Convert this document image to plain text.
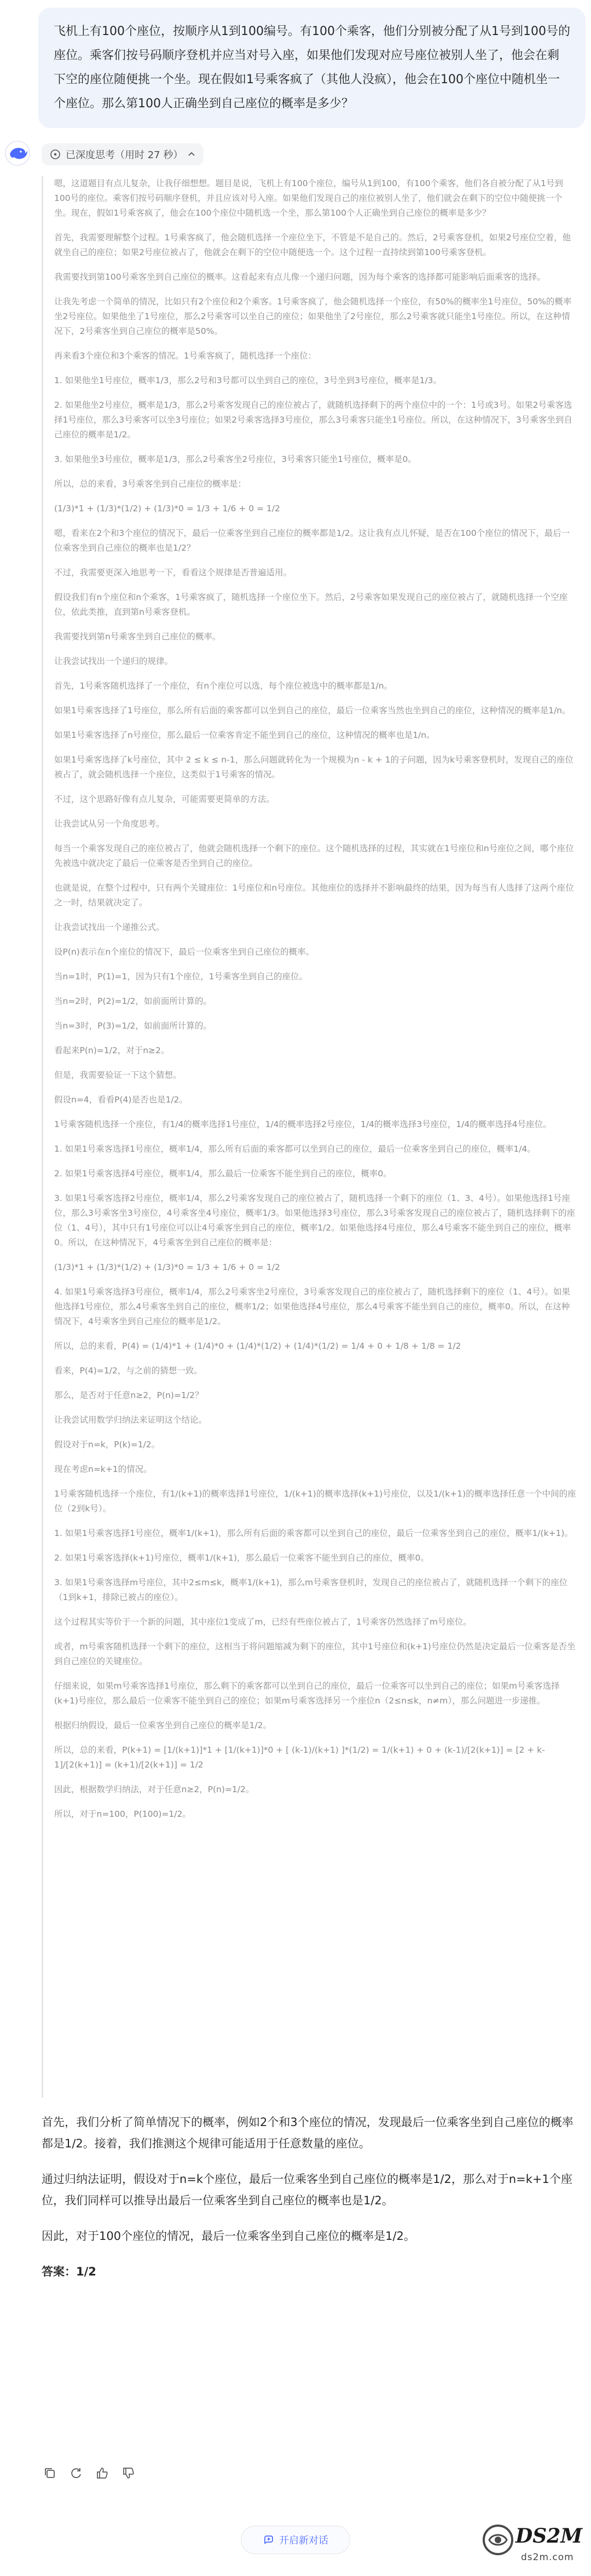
飞机上有100个座位，按顺序从1到100编号。有100个乘客，他们分别被分配了从1号到100号的座位。乘客们按号码顺序登机并应当对号入座，如果他们发现对应号座位被别人坐了，他会在剩下空的座位随便挑一个坐。现在假如1号乘客疯了（其他人没疯），他会在100个座位中随机坐一个座位。那么第100人正确坐到自己座位的概率是多少？
已深度思考（用时 27 秒）

嗯，这道题目有点儿复杂，让我仔细想想。题目是说，飞机上有100个座位，编号从1到100，有100个乘客，他们各自被分配了从1号到100号的座位。乘客们按号码顺序登机，并且应该对号入座。如果他们发现自己的座位被别人坐了，他们就会在剩下的空位中随便挑一个坐。现在，假如1号乘客疯了，他会在100个座位中随机选一个坐，那么第100个人正确坐到自己座位的概率是多少？

首先，我需要理解整个过程。1号乘客疯了，他会随机选择一个座位坐下，不管是不是自己的。然后，2号乘客登机，如果2号座位空着，他就坐自己的座位；如果2号座位被占了，他就会在剩下的空位中随便选一个。这个过程一直持续到第100号乘客登机。

我需要找到第100号乘客坐到自己座位的概率。这看起来有点儿像一个递归问题，因为每个乘客的选择都可能影响后面乘客的选择。

让我先考虑一个简单的情况，比如只有2个座位和2个乘客。1号乘客疯了，他会随机选择一个座位，有50%的概率坐1号座位，50%的概率坐2号座位。如果他坐了1号座位，那么2号乘客可以坐自己的座位；如果他坐了2号座位，那么2号乘客就只能坐1号座位。所以，在这种情况下，2号乘客坐到自己座位的概率是50%。

再来看3个座位和3个乘客的情况。1号乘客疯了，随机选择一个座位：

1. 如果他坐1号座位，概率1/3，那么2号和3号都可以坐到自己的座位，3号坐到3号座位，概率是1/3。

2. 如果他坐2号座位，概率是1/3，那么2号乘客发现自己的座位被占了，就随机选择剩下的两个座位中的一个：1号或3号。如果2号乘客选择1号座位，那么3号乘客可以坐3号座位；如果2号乘客选择3号座位，那么3号乘客只能坐1号座位。所以，在这种情况下，3号乘客坐到自己座位的概率是1/2。

3. 如果他坐3号座位，概率是1/3，那么2号乘客坐2号座位，3号乘客只能坐1号座位，概率是0。

所以，总的来看，3号乘客坐到自己座位的概率是：

(1/3)*1 + (1/3)*(1/2) + (1/3)*0 = 1/3 + 1/6 + 0 = 1/2

嗯，看来在2个和3个座位的情况下，最后一位乘客坐到自己座位的概率都是1/2。这让我有点儿怀疑，是否在100个座位的情况下，最后一位乘客坐到自己座位的概率也是1/2？

不过，我需要更深入地思考一下，看看这个规律是否普遍适用。

假设我们有n个座位和n个乘客，1号乘客疯了，随机选择一个座位坐下。然后，2号乘客如果发现自己的座位被占了，就随机选择一个空座位，依此类推，直到第n号乘客登机。

我需要找到第n号乘客坐到自己座位的概率。

让我尝试找出一个递归的规律。

首先，1号乘客随机选择了一个座位，有n个座位可以选，每个座位被选中的概率都是1/n。

如果1号乘客选择了1号座位，那么所有后面的乘客都可以坐到自己的座位，最后一位乘客当然也坐到自己的座位，这种情况的概率是1/n。

如果1号乘客选择了n号座位，那么最后一位乘客肯定不能坐到自己的座位，这种情况的概率也是1/n。

如果1号乘客选择了k号座位，其中 2 ≤ k ≤ n-1，那么问题就转化为一个规模为n - k + 1的子问题，因为k号乘客登机时，发现自己的座位被占了，就会随机选择一个座位，这类似于1号乘客的情况。

不过，这个思路好像有点儿复杂，可能需要更简单的方法。

让我尝试从另一个角度思考。

每当一个乘客发现自己的座位被占了，他就会随机选择一个剩下的座位。这个随机选择的过程，其实就在1号座位和n号座位之间，哪个座位先被选中就决定了最后一位乘客是否坐到自己的座位。

也就是说，在整个过程中，只有两个关键座位：1号座位和n号座位。其他座位的选择并不影响最终的结果，因为每当有人选择了这两个座位之一时，结果就决定了。

让我尝试找出一个递推公式。

设P(n)表示在n个座位的情况下，最后一位乘客坐到自己座位的概率。

当n=1时，P(1)=1，因为只有1个座位，1号乘客坐到自己的座位。

当n=2时，P(2)=1/2，如前面所计算的。

当n=3时，P(3)=1/2，如前面所计算的。

看起来P(n)=1/2，对于n≥2。

但是，我需要验证一下这个猜想。

假设n=4，看看P(4)是否也是1/2。

1号乘客随机选择一个座位，有1/4的概率选择1号座位，1/4的概率选择2号座位，1/4的概率选择3号座位，1/4的概率选择4号座位。

1. 如果1号乘客选择1号座位，概率1/4，那么所有后面的乘客都可以坐到自己的座位，最后一位乘客坐到自己的座位，概率1/4。

2. 如果1号乘客选择4号座位，概率1/4，那么最后一位乘客不能坐到自己的座位，概率0。

3. 如果1号乘客选择2号座位，概率1/4，那么2号乘客发现自己的座位被占了，随机选择一个剩下的座位（1、3、4号）。如果他选择1号座位，那么3号乘客坐3号座位，4号乘客坐4号座位，概率1/3。如果他选择3号座位，那么3号乘客发现自己的座位被占了，随机选择剩下的座位（1、4号），其中只有1号座位可以让4号乘客坐到自己的座位，概率1/2。如果他选择4号座位，那么4号乘客不能坐到自己的座位，概率0。所以，在这种情况下，4号乘客坐到自己座位的概率是：

(1/3)*1 + (1/3)*(1/2) + (1/3)*0 = 1/3 + 1/6 + 0 = 1/2

4. 如果1号乘客选择3号座位，概率1/4，那么2号乘客坐2号座位，3号乘客发现自己的座位被占了，随机选择剩下的座位（1、4号）。如果他选择1号座位，那么4号乘客坐到自己的座位，概率1/2；如果他选择4号座位，那么4号乘客不能坐到自己的座位，概率0。所以，在这种情况下，4号乘客坐到自己座位的概率是1/2。

所以，总的来看，P(4) = (1/4)*1 + (1/4)*0 + (1/4)*(1/2) + (1/4)*(1/2) = 1/4 + 0 + 1/8 + 1/8 = 1/2

看来，P(4)=1/2，与之前的猜想一致。

那么，是否对于任意n≥2，P(n)=1/2？

让我尝试用数学归纳法来证明这个结论。

假设对于n=k，P(k)=1/2。

现在考虑n=k+1的情况。

1号乘客随机选择一个座位，有1/(k+1)的概率选择1号座位，1/(k+1)的概率选择(k+1)号座位，以及1/(k+1)的概率选择任意一个中间的座位（2到k号）。

1. 如果1号乘客选择1号座位，概率1/(k+1)，那么所有后面的乘客都可以坐到自己的座位，最后一位乘客坐到自己的座位，概率1/(k+1)。

2. 如果1号乘客选择(k+1)号座位，概率1/(k+1)，那么最后一位乘客不能坐到自己的座位，概率0。

3. 如果1号乘客选择m号座位，其中2≤m≤k，概率1/(k+1)，那么m号乘客登机时，发现自己的座位被占了，就随机选择一个剩下的座位（1到k+1，排除已被占的座位）。

这个过程其实等价于一个新的问题，其中座位1变成了m，已经有些座位被占了，1号乘客仍然选择了m号座位。

或者，m号乘客随机选择一个剩下的座位，这相当于将问题缩减为剩下的座位，其中1号座位和(k+1)号座位仍然是决定最后一位乘客是否坐到自己座位的关键座位。

仔细来说，如果m号乘客选择1号座位，那么剩下的乘客都可以坐到自己的座位，最后一位乘客可以坐到自己的座位；如果m号乘客选择(k+1)号座位，那么最后一位乘客不能坐到自己的座位；如果m号乘客选择另一个座位n（2≤n≤k，n≠m），那么问题进一步递推。

根据归纳假设，最后一位乘客坐到自己座位的概率是1/2。

所以，总的来看，P(k+1) = [1/(k+1)]*1 + [1/(k+1)]*0 + [ (k-1)/(k+1) ]*(1/2) = 1/(k+1) + 0 + (k-1)/[2(k+1)] = [2 + k-1]/[2(k+1)] = (k+1)/[2(k+1)] = 1/2

因此，根据数学归纳法，对于任意n≥2，P(n)=1/2。

所以，对于n=100，P(100)=1/2。

首先，我们分析了简单情况下的概率，例如2个和3个座位的情况，发现最后一位乘客坐到自己座位的概率都是1/2。接着，我们推测这个规律可能适用于任意数量的座位。

通过归纳法证明，假设对于n=k个座位，最后一位乘客坐到自己座位的概率是1/2，那么对于n=k+1个座位，我们同样可以推导出最后一位乘客坐到自己座位的概率也是1/2。

因此，对于100个座位的情况，最后一位乘客坐到自己座位的概率是1/2。

答案：1/2

开启新对话	DS2M
ds2m.com
